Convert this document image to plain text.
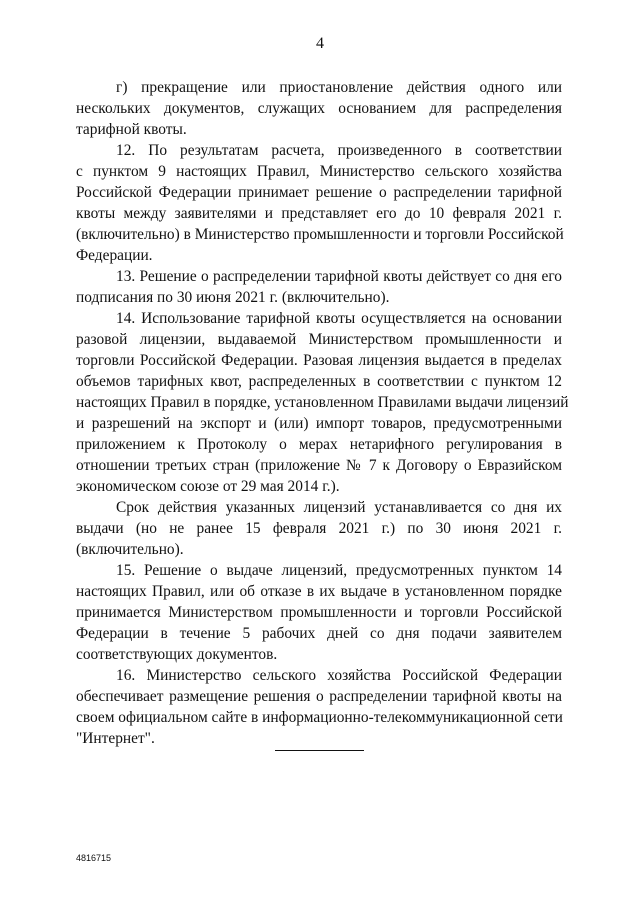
4
г) прекращение или приостановление действия одного или
нескольких документов, служащих основанием для распределения
тарифной квоты.
12. По результатам расчета, произведенного в соответствии
с пунктом 9 настоящих Правил, Министерство сельского хозяйства
Российской Федерации принимает решение о распределении тарифной
квоты между заявителями и представляет его до 10 февраля 2021 г.
(включительно) в Министерство промышленности и торговли Российской
Федерации.
13. Решение о распределении тарифной квоты действует со дня его
подписания по 30 июня 2021 г. (включительно).
14. Использование тарифной квоты осуществляется на основании
разовой лицензии, выдаваемой Министерством промышленности и
торговли Российской Федерации. Разовая лицензия выдается в пределах
объемов тарифных квот, распределенных в соответствии с пунктом 12
настоящих Правил в порядке, установленном Правилами выдачи лицензий
и разрешений на экспорт и (или) импорт товаров, предусмотренными
приложением к Протоколу о мерах нетарифного регулирования в
отношении третьих стран (приложение № 7 к Договору о Евразийском
экономическом союзе от 29 мая 2014 г.).
Срок действия указанных лицензий устанавливается со дня их
выдачи (но не ранее 15 февраля 2021 г.) по 30 июня 2021 г.
(включительно).
15. Решение о выдаче лицензий, предусмотренных пунктом 14
настоящих Правил, или об отказе в их выдаче в установленном порядке
принимается Министерством промышленности и торговли Российской
Федерации в течение 5 рабочих дней со дня подачи заявителем
соответствующих документов.
16. Министерство сельского хозяйства Российской Федерации
обеспечивает размещение решения о распределении тарифной квоты на
своем официальном сайте в информационно-телекоммуникационной сети
"Интернет".
4816715
